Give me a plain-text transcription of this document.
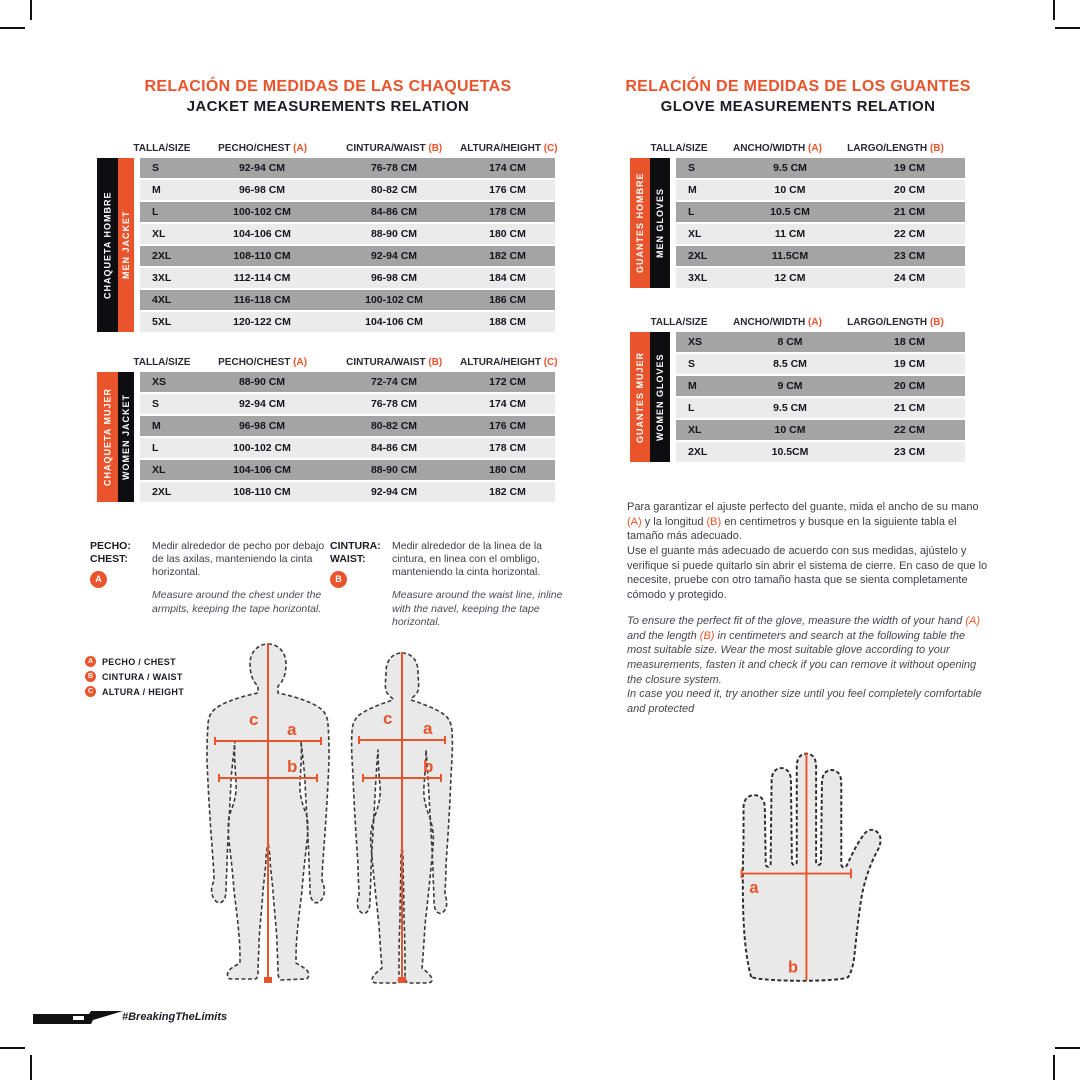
RELACIÓN DE MEDIDAS DE LAS CHAQUETAS
JACKET MEASUREMENTS RELATION
TALLA/SIZE	PECHO/CHEST (A)	CINTURA/WAIST (B)	ALTURA/HEIGHT (C)
CHAQUETA HOMBRE MEN JACKET
S	92-94 CM	76-78 CM	174 CM
M	96-98 CM	80-82 CM	176 CM
L	100-102 CM	84-86 CM	178 CM
XL	104-106 CM	88-90 CM	180 CM
2XL	108-110 CM	92-94 CM	182 CM
3XL	112-114 CM	96-98 CM	184 CM
4XL	116-118 CM	100-102 CM	186 CM
5XL	120-122 CM	104-106 CM	188 CM
TALLA/SIZE	PECHO/CHEST (A)	CINTURA/WAIST (B)	ALTURA/HEIGHT (C)
CHAQUETA MUJER WOMEN JACKET
XS	88-90 CM	72-74 CM	172 CM
S	92-94 CM	76-78 CM	174 CM
M	96-98 CM	80-82 CM	176 CM
L	100-102 CM	84-86 CM	178 CM
XL	104-106 CM	88-90 CM	180 CM
2XL	108-110 CM	92-94 CM	182 CM
PECHO:
CHEST:
A

Medir alrededor de pecho por debajo de las axilas, manteniendo la cinta horizontal.

Measure around the chest under the armpits, keeping the tape horizontal.

CINTURA:
WAIST:
B

Medir alrededor de la linea de la cintura, en linea con el ombligo, manteniendo la cinta horizontal.

Measure around the waist line, inline with the navel, keeping the tape horizontal.

A PECHO / CHEST
B CINTURA / WAIST
C ALTURA / HEIGHT
c
a
b
c
a
b
RELACIÓN DE MEDIDAS DE LOS GUANTES
GLOVE MEASUREMENTS RELATION
TALLA/SIZE	ANCHO/WIDTH (A)	LARGO/LENGTH (B)
GUANTES HOMBRE	MEN GLOVES
S	9.5 CM	19 CM
M	10 CM	20 CM
L	10.5 CM	21 CM
XL	11 CM	22 CM
2XL	11.5CM	23 CM
3XL	12 CM	24 CM
TALLA/SIZE	ANCHO/WIDTH (A)	LARGO/LENGTH (B)
GUANTES MUJER	WOMEN GLOVES
XS	8 CM	18 CM
S	8.5 CM	19 CM
M	9 CM	20 CM
L	9.5 CM	21 CM
XL	10 CM	22 CM
2XL	10.5CM	23 CM

Para garantizar el ajuste perfecto del guante, mida el ancho de su mano (A) y la longitud (B) en centimetros y busque en la siguiente tabla el tamaño más adecuado.
Use el guante más adecuado de acuerdo con sus medidas, ajústelo y verifique si puede quitarlo sin abrir el sistema de cierre. En caso de que lo necesite, pruebe con otro tamaño hasta que se sienta completamente cómodo y protegido.

To ensure the perfect fit of the glove, measure the width of your hand (A) and the length (B) in centimeters and search at the following table the most suitable size. Wear the most suitable glove according to your measurements, fasten it and check if you can remove it without opening the closure system.
In case you need it, try another size until you feel completely comfortable and protected

a
b
#BreakingTheLimits
